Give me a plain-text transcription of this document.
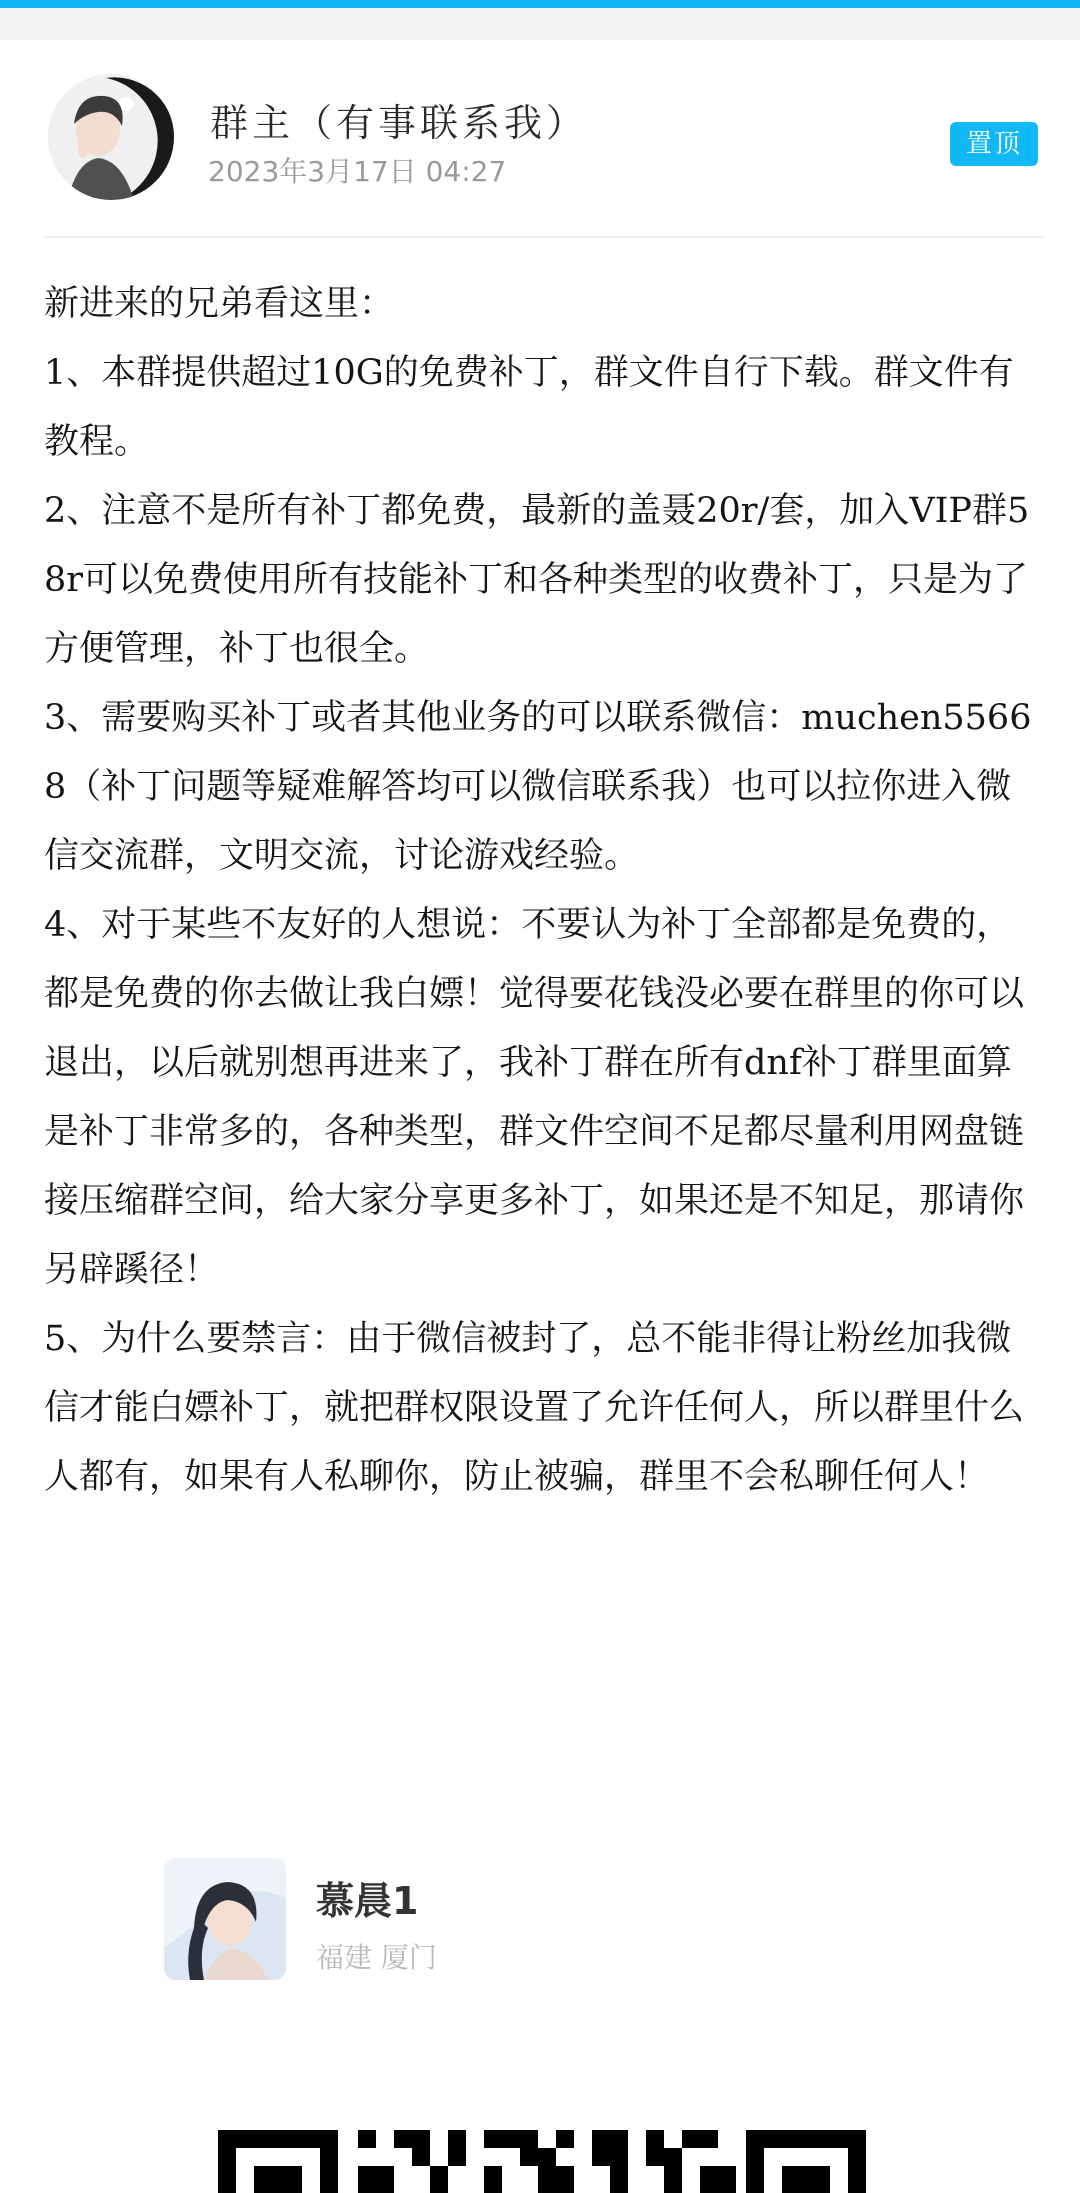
群主（有事联系我）
2023年3月17日 04:27
置顶

新进来的兄弟看这里：

1、本群提供超过10G的免费补丁，群文件自行下载。群文件有教程。

2、注意不是所有补丁都免费，最新的盖聂20r/套，加入VIP群58r可以免费使用所有技能补丁和各种类型的收费补丁，只是为了方便管理，补丁也很全。

3、需要购买补丁或者其他业务的可以联系微信：muchen55668（补丁问题等疑难解答均可以微信联系我）也可以拉你进入微信交流群，文明交流，讨论游戏经验。

4、对于某些不友好的人想说：不要认为补丁全部都是免费的，都是免费的你去做让我白嫖！觉得要花钱没必要在群里的你可以退出，以后就别想再进来了，我补丁群在所有dnf补丁群里面算是补丁非常多的，各种类型，群文件空间不足都尽量利用网盘链接压缩群空间，给大家分享更多补丁，如果还是不知足，那请你另辟蹊径！

5、为什么要禁言：由于微信被封了，总不能非得让粉丝加我微信才能白嫖补丁，就把群权限设置了允许任何人，所以群里什么人都有，如果有人私聊你，防止被骗，群里不会私聊任何人！

慕晨1
福建 厦门
